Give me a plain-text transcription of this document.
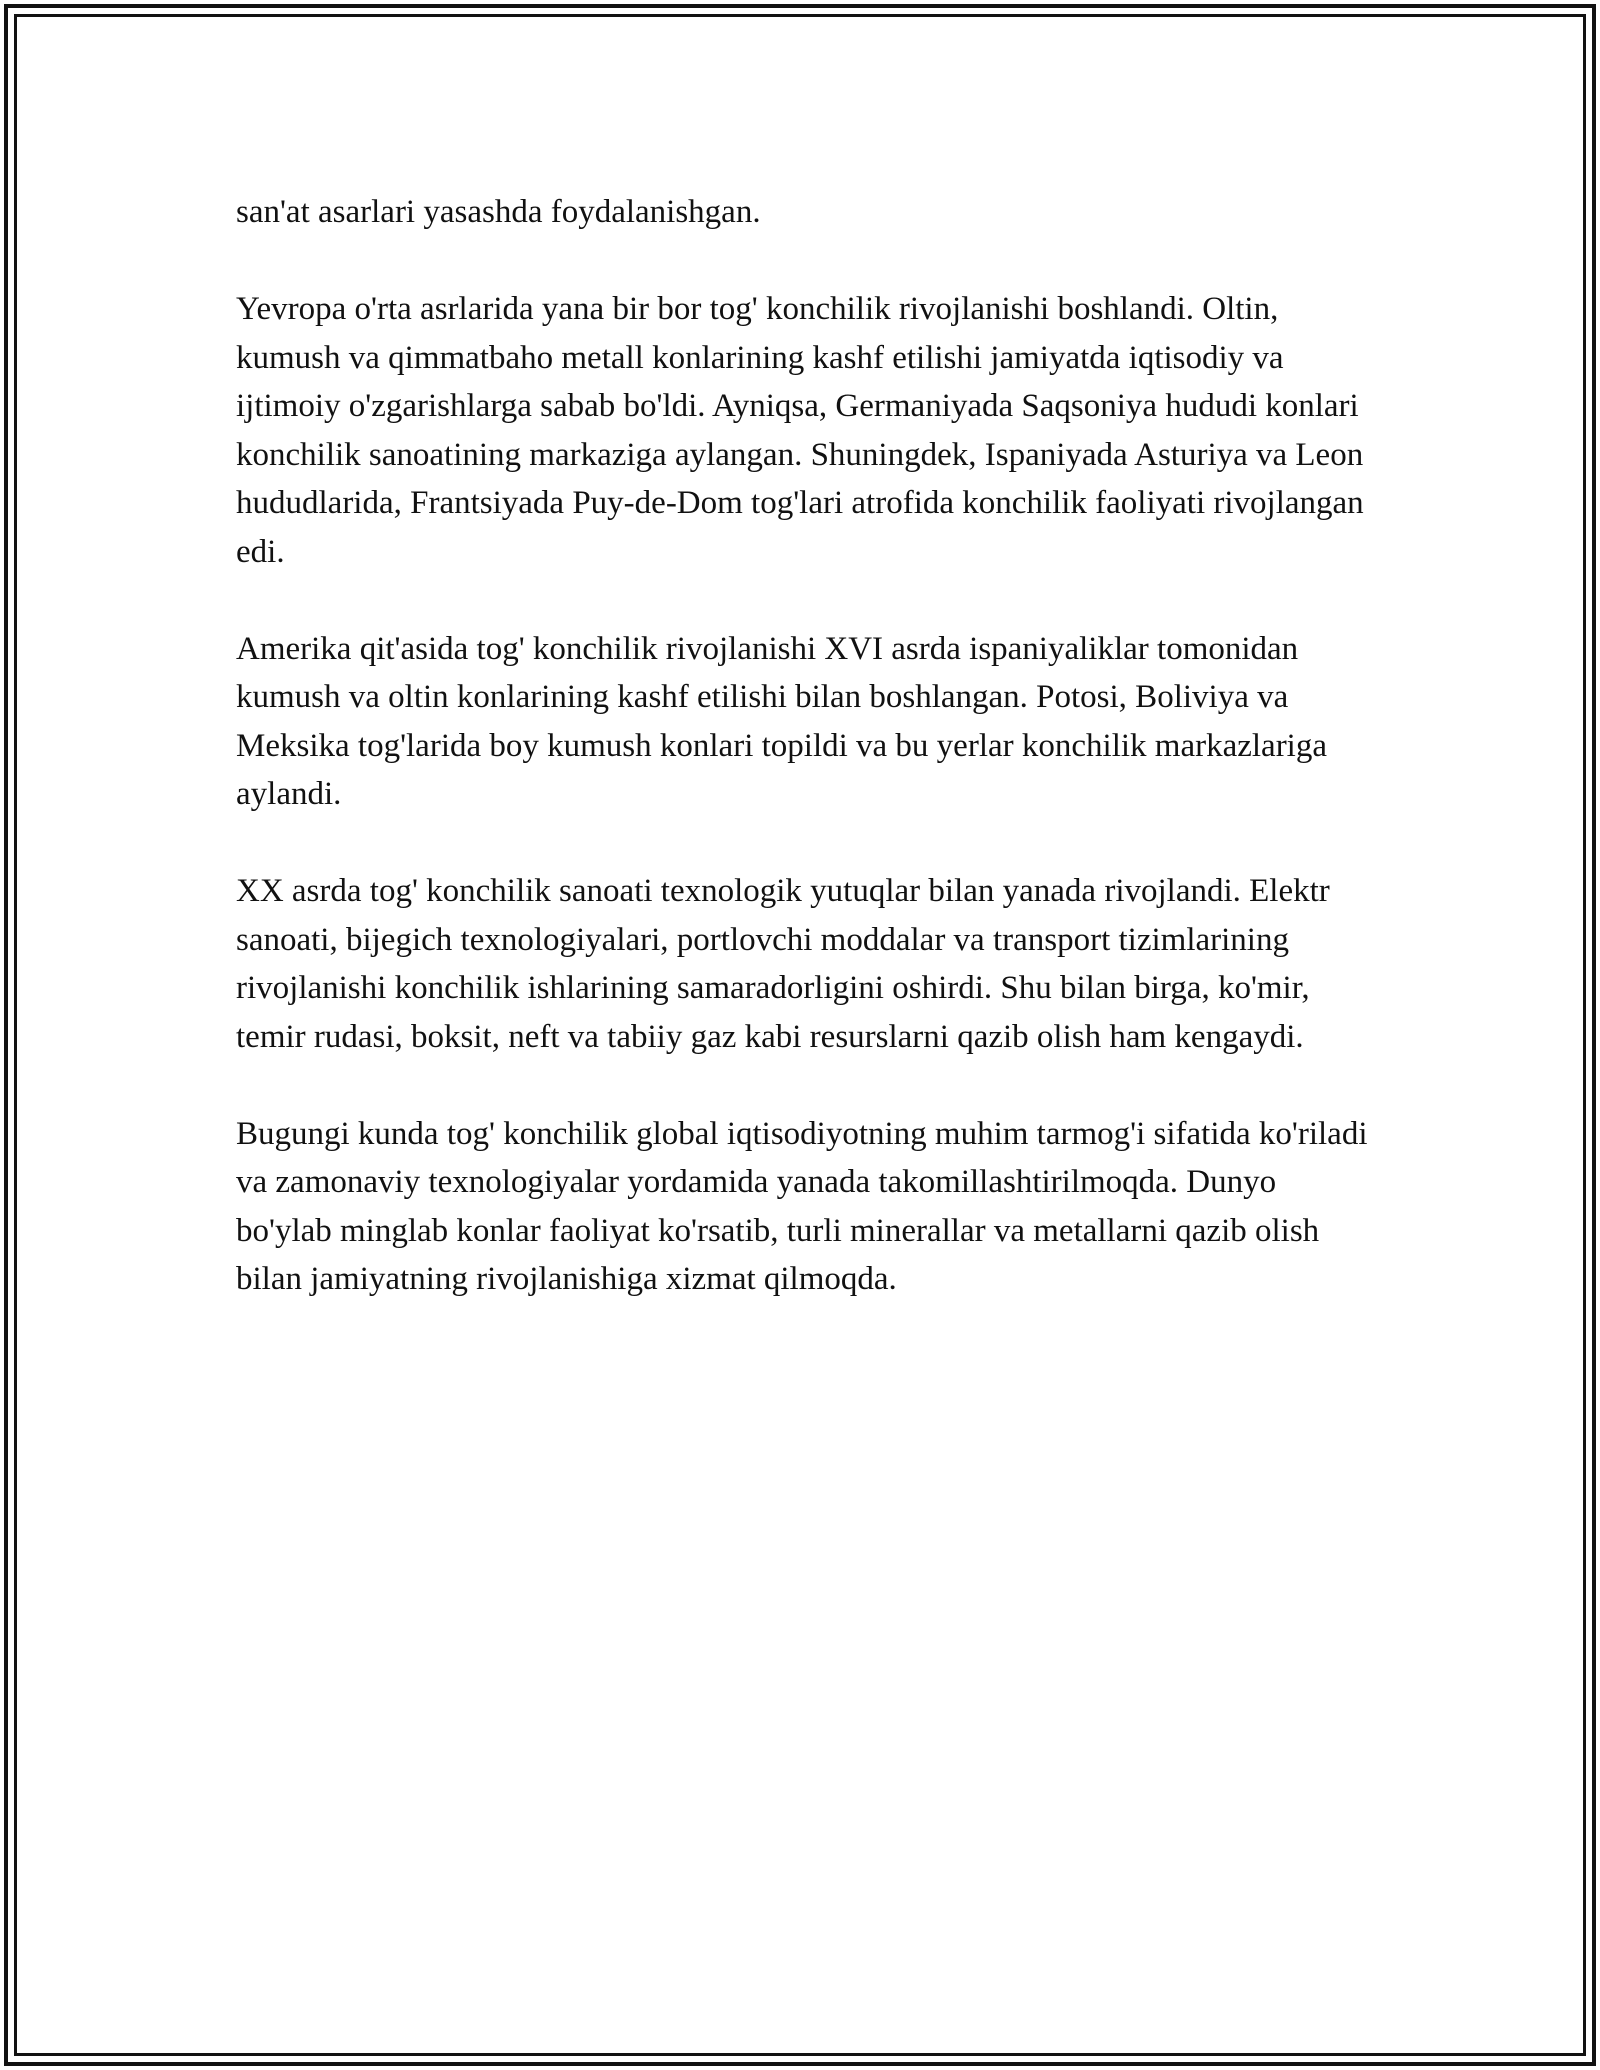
san'at asarlari yasashda foydalanishgan.

Yevropa o'rta asrlarida yana bir bor tog' konchilik rivojlanishi boshlandi. Oltin, kumush va qimmatbaho metall konlarining kashf etilishi jamiyatda iqtisodiy va ijtimoiy o'zgarishlarga sabab bo'ldi. Ayniqsa, Germaniyada Saqsoniya hududi konlari konchilik sanoatining markaziga aylangan. Shuningdek, Ispaniyada Asturiya va Leon hududlarida, Frantsiyada Puy-de-Dom tog'lari atrofida konchilik faoliyati rivojlangan edi.

Amerika qit'asida tog' konchilik rivojlanishi XVI asrda ispaniyaliklar tomonidan kumush va oltin konlarining kashf etilishi bilan boshlangan. Potosi, Boliviya va Meksika tog'larida boy kumush konlari topildi va bu yerlar konchilik markazlariga aylandi.

XX asrda tog' konchilik sanoati texnologik yutuqlar bilan yanada rivojlandi. Elektr sanoati, bijegich texnologiyalari, portlovchi moddalar va transport tizimlarining rivojlanishi konchilik ishlarining samaradorligini oshirdi. Shu bilan birga, ko'mir, temir rudasi, boksit, neft va tabiiy gaz kabi resurslarni qazib olish ham kengaydi.

Bugungi kunda tog' konchilik global iqtisodiyotning muhim tarmog'i sifatida ko'riladi va zamonaviy texnologiyalar yordamida yanada takomillashtirilmoqda. Dunyo bo'ylab minglab konlar faoliyat ko'rsatib, turli minerallar va metallarni qazib olish bilan jamiyatning rivojlanishiga xizmat qilmoqda.
